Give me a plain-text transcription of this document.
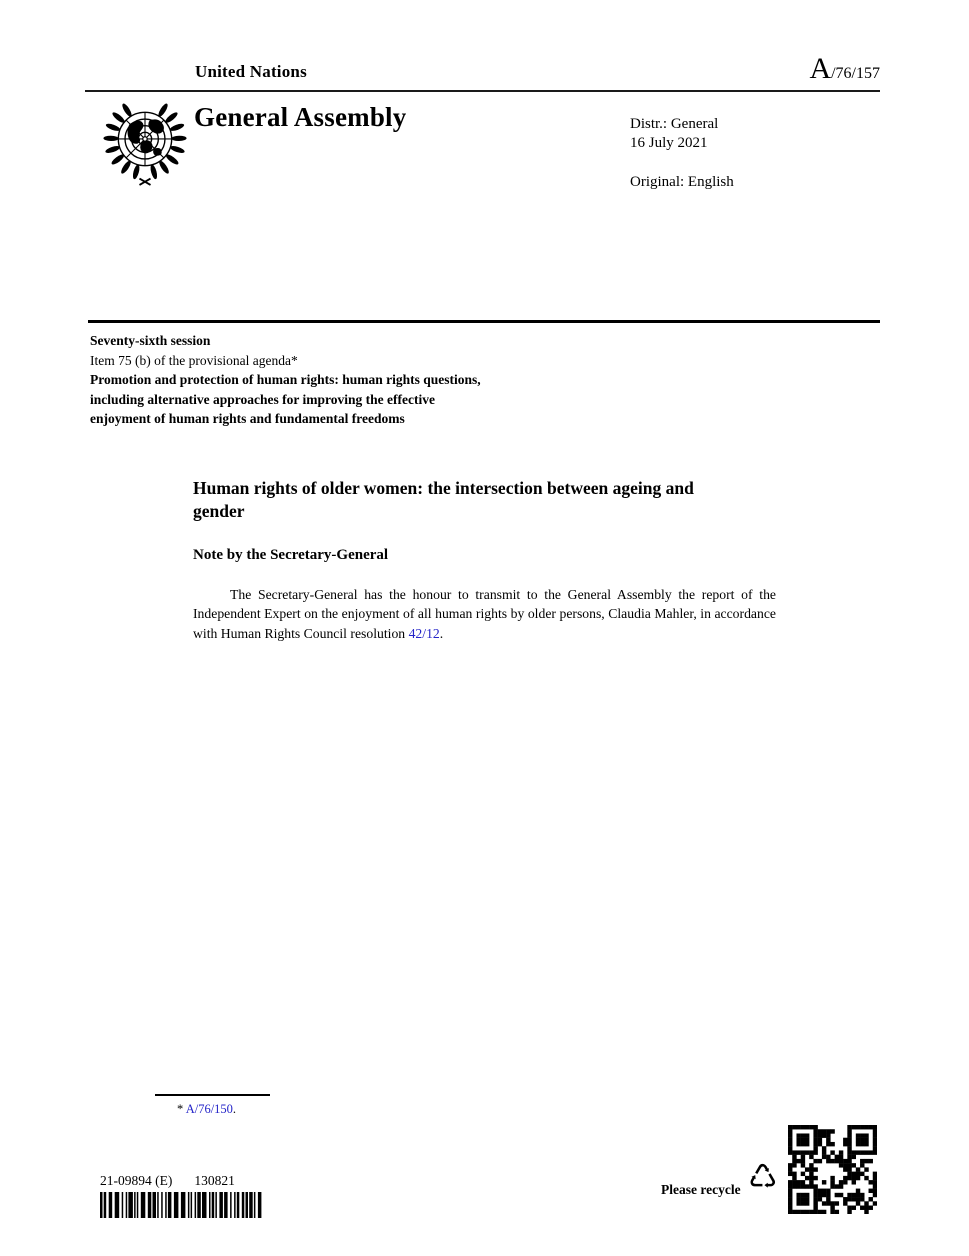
United Nations	A/76/157
General Assembly	Distr.: General
16 July 2021
Original: English
Seventy-sixth session
Item 75 (b) of the provisional agenda*
Promotion and protection of human rights: human rights questions, including alternative approaches for improving the effective enjoyment of human rights and fundamental freedoms
Human rights of older women: the intersection between ageing and gender
Note by the Secretary-General

The Secretary-General has the honour to transmit to the General Assembly the report of the Independent Expert on the enjoyment of all human rights by older persons, Claudia Mahler, in accordance with Human Rights Council resolution 42/12.

* A/76/150.
21-09894 (E) 130821
Please recycle ♺
